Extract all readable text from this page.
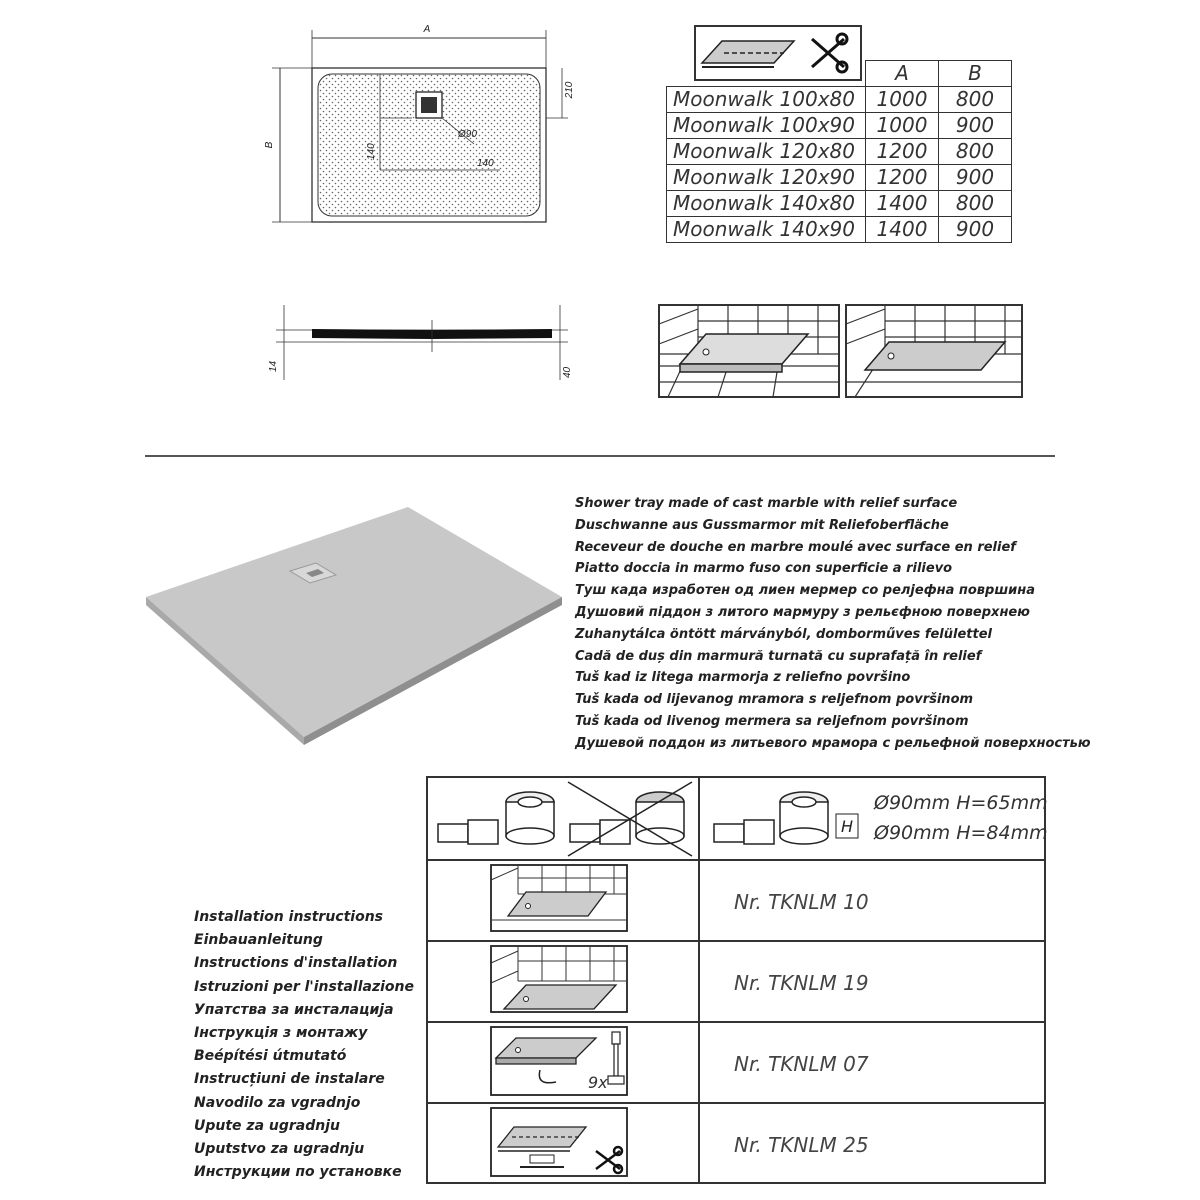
A
B
Ø90
210
140
140
14
40
	A	B
Moonwalk 100x80	1000	800
Moonwalk 100x90	1000	900
Moonwalk 120x80	1200	800
Moonwalk 120x90	1200	900
Moonwalk 140x80	1400	800
Moonwalk 140x90	1400	900
Shower tray made of cast marble with relief surface
Duschwanne aus Gussmarmor mit Reliefoberfläche
Receveur de douche en marbre moulé avec surface en relief
Piatto doccia in marmo fuso con superficie a rilievo
Туш када изработен од лиен мермер со релјефна површина
Душовий піддон з литого мармуру з рельєфною поверхнею
Zuhanytálca öntött márványból, domborműves felülettel
Cadă de duș din marmură turnată cu suprafață în relief
Tuš kad iz litega marmorja z reliefno površino
Tuš kada od lijevanog mramora s reljefnom površinom
Tuš kada od livenog mermera sa reljefnom površinom
Душевой поддон из литьевого мрамора с рельефной поверхностью
Installation instructions
Einbauanleitung
Instructions d'installation
Istruzioni per l'installazione
Упатства за инсталација
Інструкція з монтажу
Beépítési útmutató
Instrucțiuni de instalare
Navodilo za vgradnjo
Upute za ugradnju
Uputstvo za ugradnju
Инструкции по установке
H
Ø90mm H=65mm
Ø90mm H=84mm
Nr. TKNLM 10
Nr. TKNLM 19
9x
Nr. TKNLM 07
Nr. TKNLM 25
